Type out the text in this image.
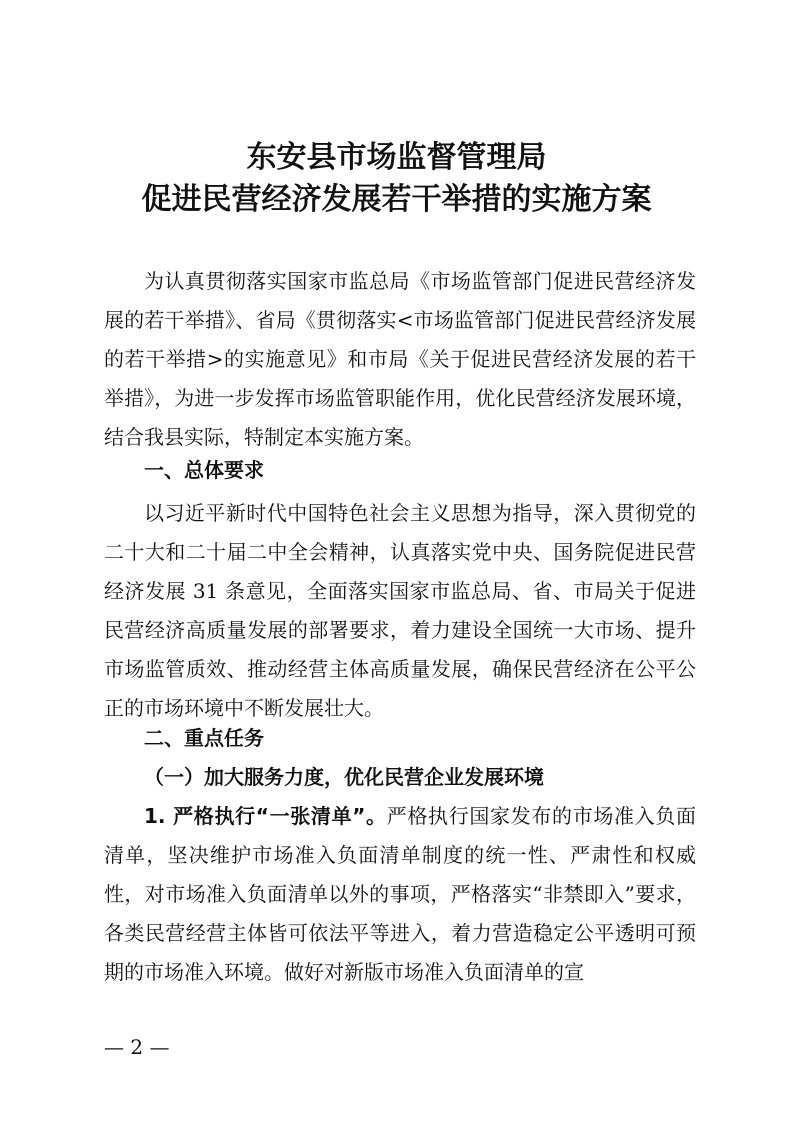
东安县市场监督管理局
促进民营经济发展若干举措的实施方案

为认真贯彻落实国家市监总局《市场监管部门促进民营经济发展的若干举措》、省局《贯彻落实<市场监管部门促进民营经济发展的若干举措>的实施意见》和市局《关于促进民营经济发展的若干举措》，为进一步发挥市场监管职能作用，优化民营经济发展环境，结合我县实际，特制定本实施方案。

一、总体要求

以习近平新时代中国特色社会主义思想为指导，深入贯彻党的二十大和二十届二中全会精神，认真落实党中央、国务院促进民营经济发展 31 条意见，全面落实国家市监总局、省、市局关于促进民营经济高质量发展的部署要求，着力建设全国统一大市场、提升市场监管质效、推动经营主体高质量发展，确保民营经济在公平公正的市场环境中不断发展壮大。

二、重点任务
（一）加大服务力度，优化民营企业发展环境

1. 严格执行“一张清单”。严格执行国家发布的市场准入负面清单，坚决维护市场准入负面清单制度的统一性、严肃性和权威性，对市场准入负面清单以外的事项，严格落实“非禁即入”要求，各类民营经营主体皆可依法平等进入，着力营造稳定公平透明可预期的市场准入环境。做好对新版市场准入负面清单的宣

— 2 —
